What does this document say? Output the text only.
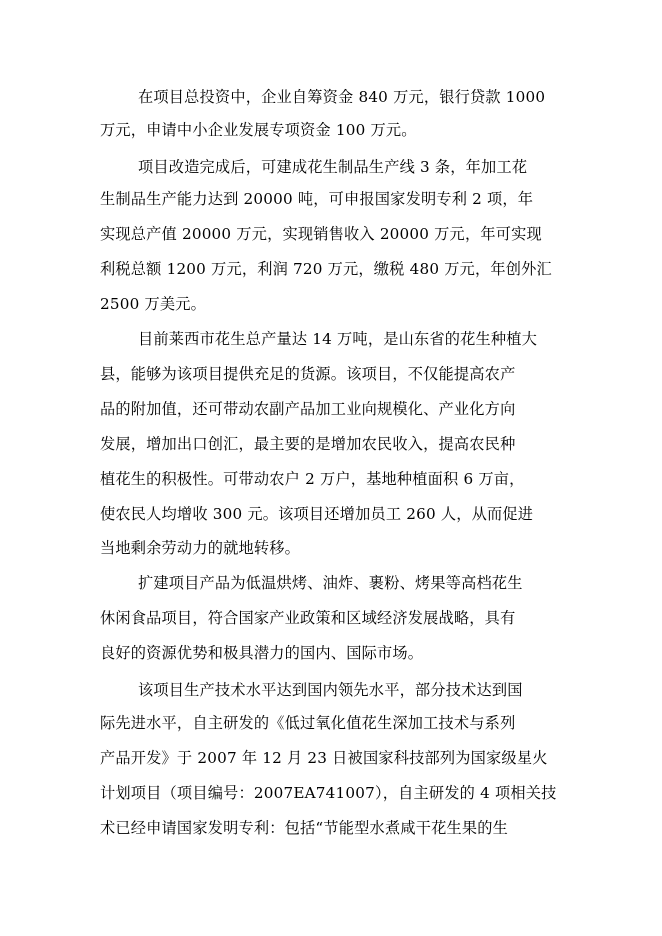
在项目总投资中，企业自筹资金 840 万元，银行贷款 1000
万元，申请中小企业发展专项资金 100 万元。
项目改造完成后，可建成花生制品生产线 3 条，年加工花
生制品生产能力达到 20000 吨，可申报国家发明专利 2 项，年
实现总产值 20000 万元，实现销售收入 20000 万元，年可实现
利税总额 1200 万元，利润 720 万元，缴税 480 万元，年创外汇
2500 万美元。
目前莱西市花生总产量达 14 万吨，是山东省的花生种植大
县，能够为该项目提供充足的货源。该项目，不仅能提高农产
品的附加值，还可带动农副产品加工业向规模化、产业化方向
发展，增加出口创汇，最主要的是增加农民收入，提高农民种
植花生的积极性。可带动农户 2 万户，基地种植面积 6 万亩，
使农民人均增收 300 元。该项目还增加员工 260 人，从而促进
当地剩余劳动力的就地转移。
扩建项目产品为低温烘烤、油炸、裹粉、烤果等高档花生
休闲食品项目，符合国家产业政策和区域经济发展战略，具有
良好的资源优势和极具潜力的国内、国际市场。
该项目生产技术水平达到国内领先水平，部分技术达到国
际先进水平，自主研发的《低过氧化值花生深加工技术与系列
产品开发》于 2007 年 12 月 23 日被国家科技部列为国家级星火
计划项目（项目编号：2007EA741007），自主研发的 4 项相关技
术已经申请国家发明专利：包括“节能型水煮咸干花生果的生
